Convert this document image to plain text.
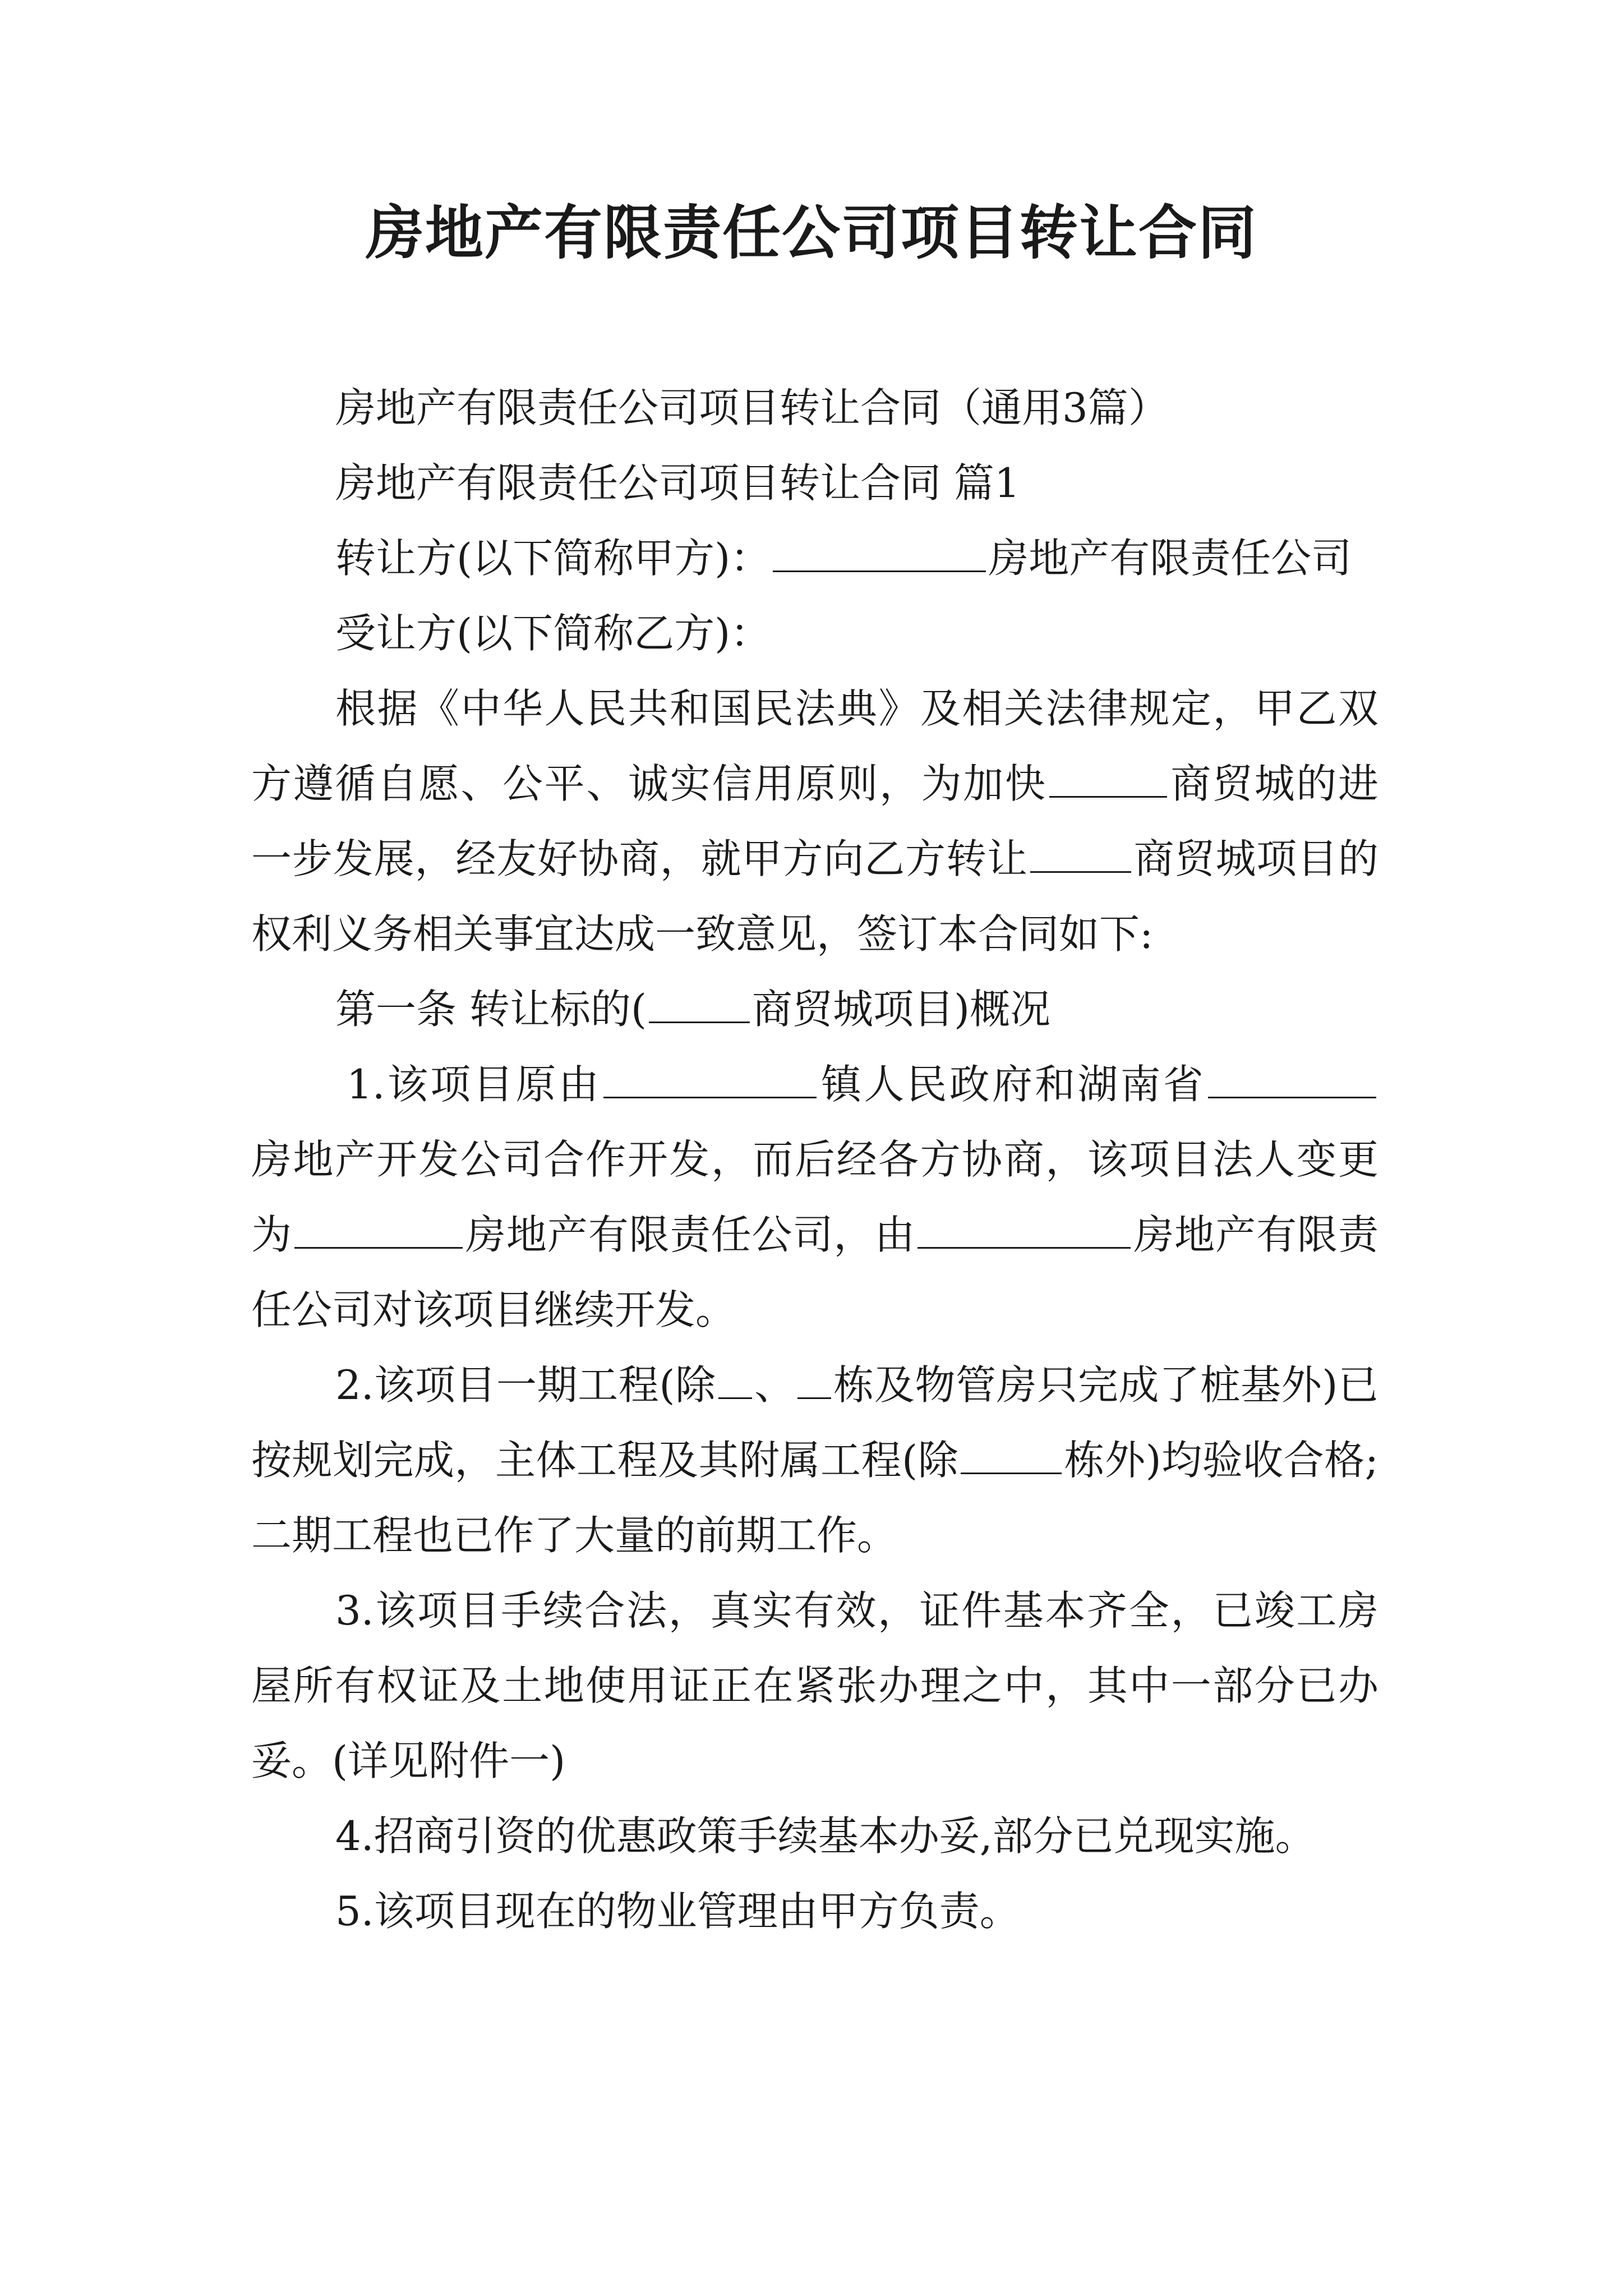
房地产有限责任公司项目转让合同

房地产有限责任公司项目转让合同（通用3篇）

房地产有限责任公司项目转让合同 篇1

转让方(以下简称甲方)：	房地产有限责任公司

受让方(以下简称乙方)：

根据《中华人民共和国民法典》及相关法律规定，甲乙双方遵循自愿、公平、诚实信用原则，为加快	商贸城的进一步发展，经友好协商，就甲方向乙方转让	商贸城项目的权利义务相关事宜达成一致意见，签订本合同如下:

第一条 转让标的(	商贸城项目)概况

1.该项目原由	镇人民政府和湖南省房地产开发公司合作开发，而后经各方协商，该项目法人变更为	房地产有限责任公司，由	房地产有限责任公司对该项目继续开发。

2.该项目一期工程(除 、 栋及物管房只完成了桩基外)已按规划完成，主体工程及其附属工程(除	栋外)均验收合格;二期工程也已作了大量的前期工作。

3.该项目手续合法，真实有效，证件基本齐全，已竣工房屋所有权证及土地使用证正在紧张办理之中，其中一部分已办妥。(详见附件一)

4.招商引资的优惠政策手续基本办妥,部分已兑现实施。

5.该项目现在的物业管理由甲方负责。
